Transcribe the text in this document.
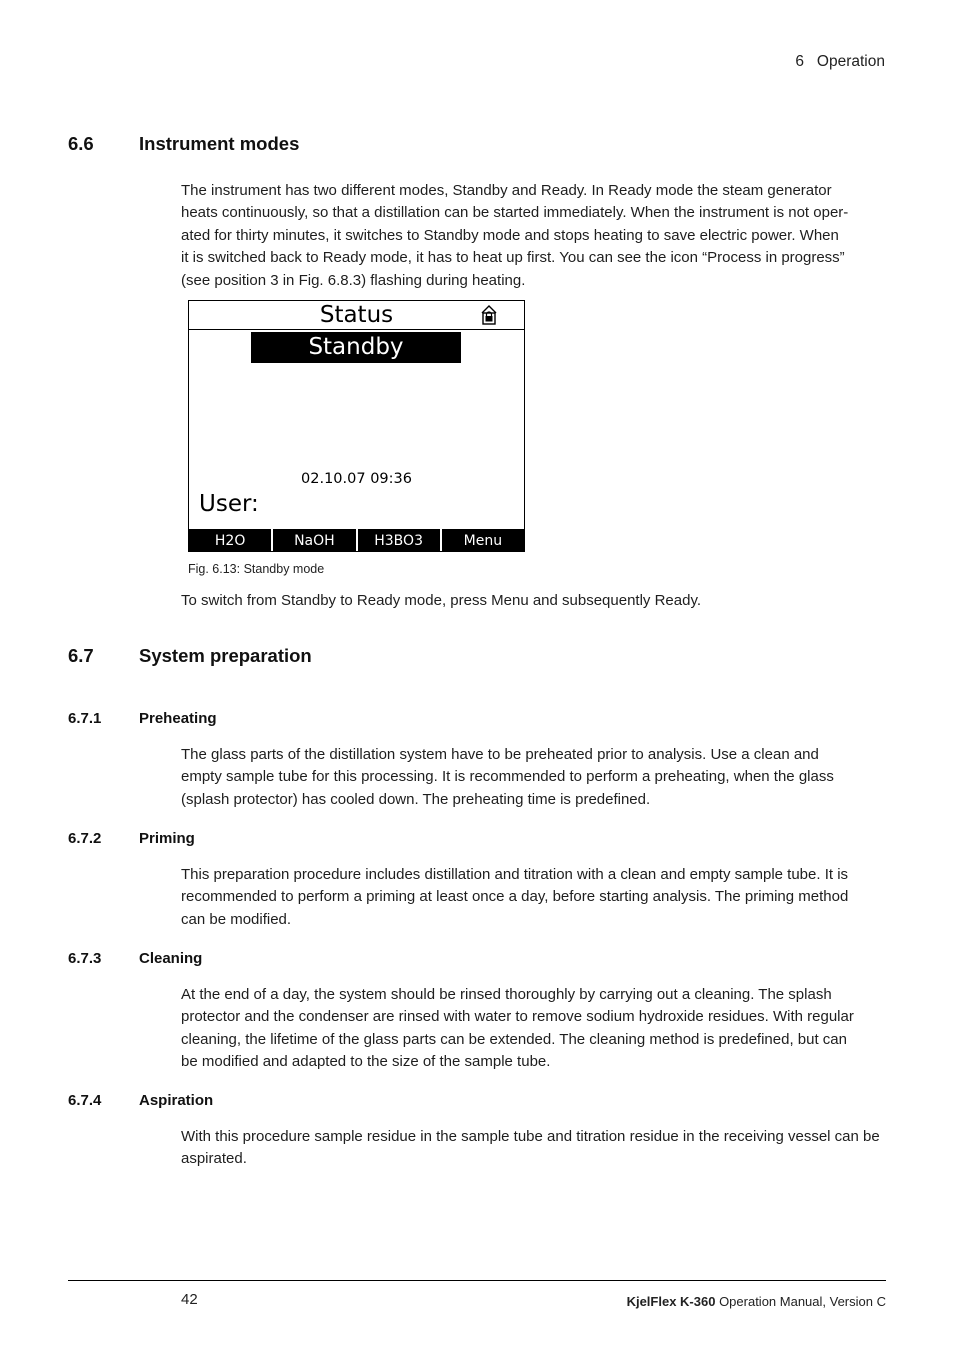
6 Operation
6.6 Instrument modes

The instrument has two different modes, Standby and Ready. In Ready mode the steam generator

heats continuously, so that a distillation can be started immediately. When the instrument is not oper-

ated for thirty minutes, it switches to Standby mode and stops heating to save electric power. When

it is switched back to Ready mode, it has to heat up first. You can see the icon “Process in progress”

(see position 3 in Fig. 6.8.3) flashing during heating.

Status
Standby
02.10.07 09:36
User:
H2O	NaOH	H3BO3	Menu
Fig. 6.13: Standby mode

To switch from Standby to Ready mode, press Menu and subsequently Ready.

6.7 System preparation
6.7.1	Preheating

The glass parts of the distillation system have to be preheated prior to analysis. Use a clean and

empty sample tube for this processing. It is recommended to perform a preheating, when the glass

(splash protector) has cooled down. The preheating time is predefined.

6.7.2	Priming

This preparation procedure includes distillation and titration with a clean and empty sample tube. It is

recommended to perform a priming at least once a day, before starting analysis. The priming method

can be modified.

6.7.3	Cleaning

At the end of a day, the system should be rinsed thoroughly by carrying out a cleaning. The splash

protector and the condenser are rinsed with water to remove sodium hydroxide residues. With regular

cleaning, the lifetime of the glass parts can be extended. The cleaning method is predefined, but can

be modified and adapted to the size of the sample tube.

6.7.4	Aspiration

With this procedure sample residue in the sample tube and titration residue in the receiving vessel can be

aspirated.

42	KjelFlex K-360 Operation Manual, Version C
